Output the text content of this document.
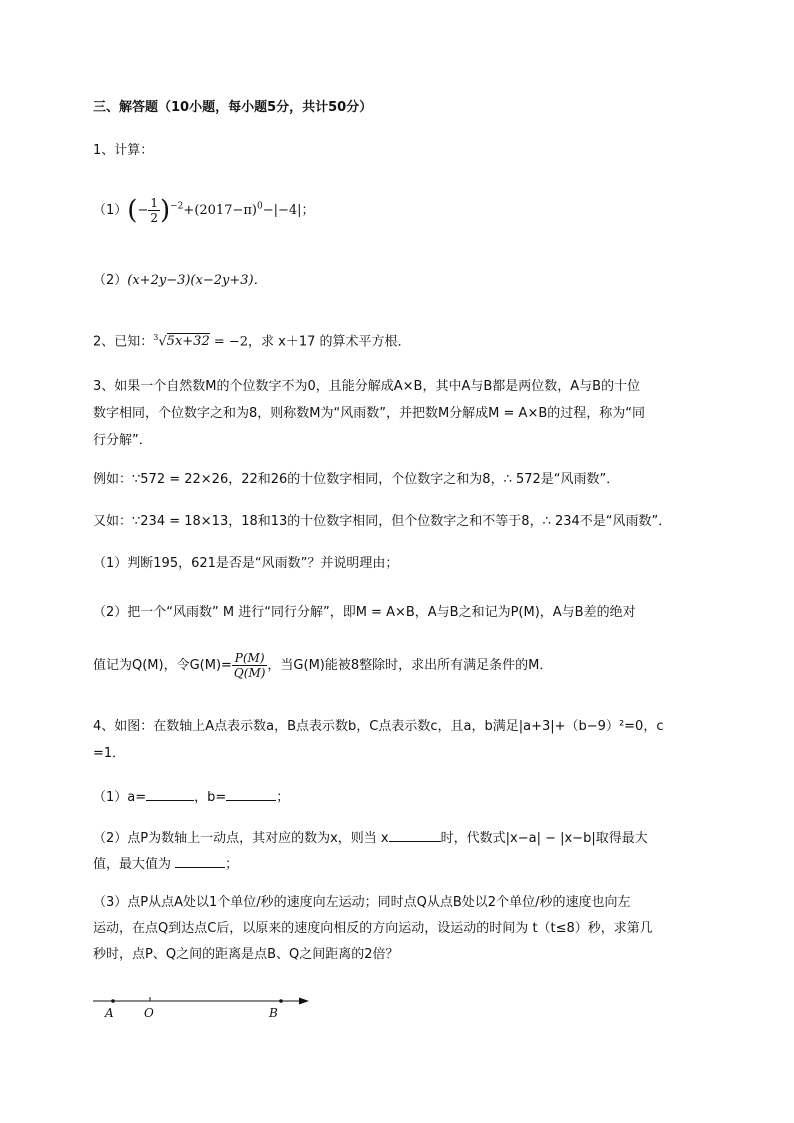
三、解答题（10小题，每小题5分，共计50分）
1、计算：
$(1)(- \frac{1}{2} )^{-2}+(2017-\pi)^0-|-4|$；
（2）(x+2y−3)(x−2y+3)．
2、已知：$^3$√5x+32 = −2，求 x＋17 的算术平方根．
3、如果一个自然数M的个位数字不为0，且能分解成A×B，其中A与B都是两位数，A与B的十位
数字相同，个位数字之和为8，则称数M为“风雨数”，并把数M分解成M = A×B的过程，称为“同
行分解”．
例如：∵572 = 22×26，22和26的十位数字相同，个位数字之和为8，∴ 572是“风雨数”．
又如：∵234 = 18×13，18和13的十位数字相同，但个位数字之和不等于8，∴ 234不是“风雨数”．
（1）判断195，621是否是“风雨数”？并说明理由；
（2）把一个“风雨数” M 进行“同行分解”，即M = A×B，A与B之和记为P(M)，A与B差的绝对
值记为Q(M)，令$G(M)= \frac{P(M)}{Q(M)}$ ，当G(M)能被8整除时，求出所有满足条件的M．
4、如图：在数轴上A点表示数a，B点表示数b，C点表示数c，且a，b满足|a+3|+（b−9）²=0，c
=1．
（1）a=	，b=	；
（2）点P为数轴上一动点，其对应的数为x，则当 x	时，代数式|x−a| − |x−b|取得最大
值，最大值为	；
（3）点P从点A处以1个单位/秒的速度向左运动；同时点Q从点B处以2个单位/秒的速度也向左
运动，在点Q到达点C后，以原来的速度向相反的方向运动，设运动的时间为 t（t≤8）秒，求第几
秒时，点P、Q之间的距离是点B、Q之间距离的2倍？
A	O	B
